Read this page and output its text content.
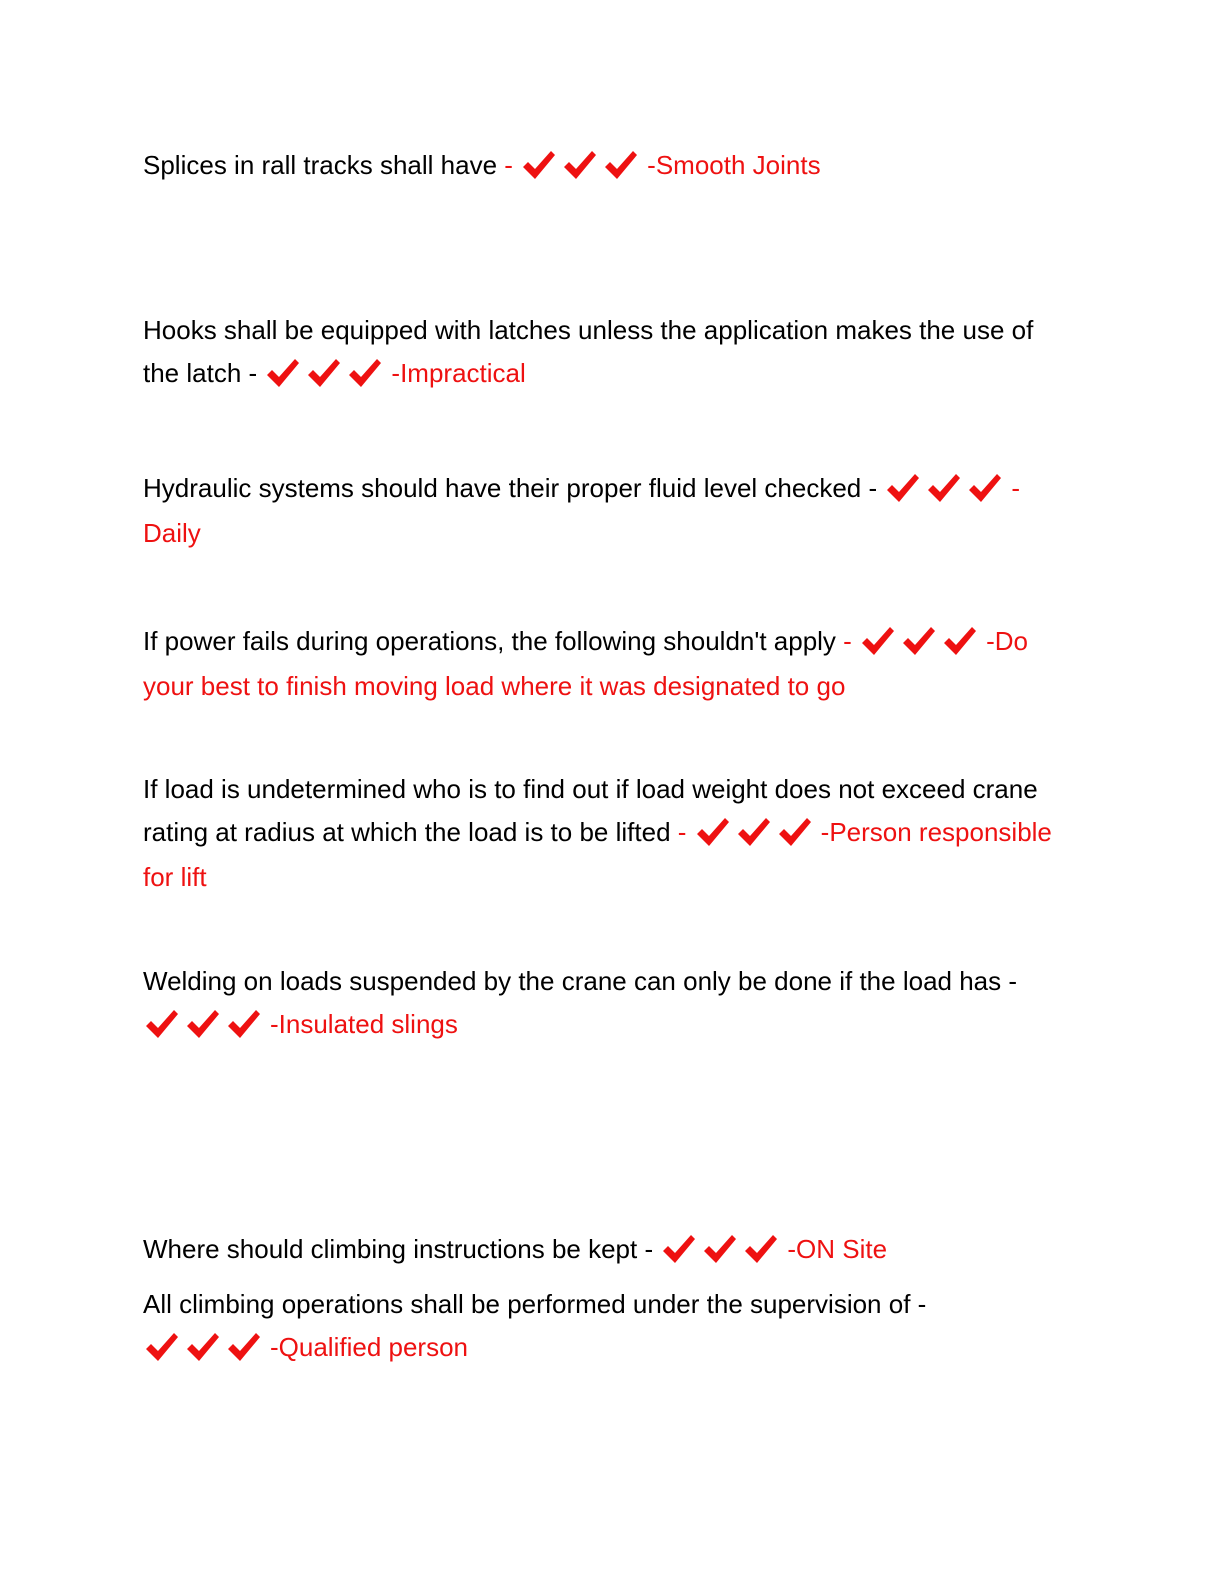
Splices in rall tracks shall have -	-Smooth Joints
Hooks shall be equipped with latches unless the application makes the use of the latch -	-Impractical
Hydraulic systems should have their proper fluid level checked -	-Daily
If power fails during operations, the following shouldn't apply -	-Do your best to finish moving load where it was designated to go
If load is undetermined who is to find out if load weight does not exceed crane rating at radius at which the load is to be lifted -	-Person responsible for lift
Welding on loads suspended by the crane can only be done if the load has -
-Insulated slings
Where should climbing instructions be kept -	-ON Site
All climbing operations shall be performed under the supervision of -
-Qualified person
